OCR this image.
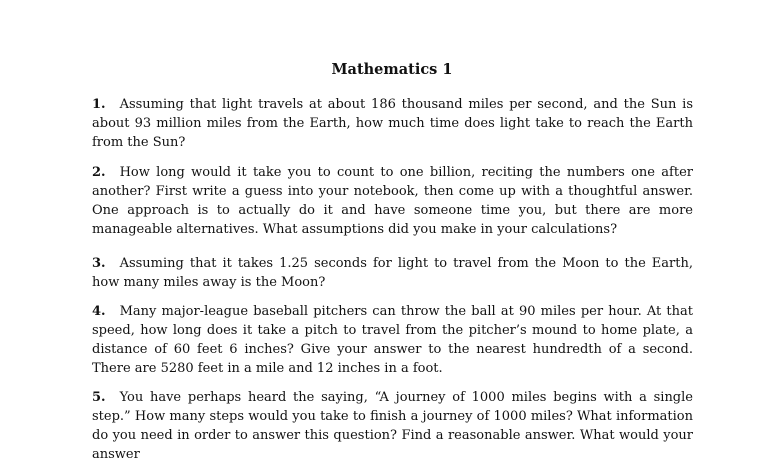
Mathematics 1
1. Assuming that light travels at about 186 thousand miles per second, and the Sun is about 93 million miles from the Earth, how much time does light take to reach the Earth from the Sun?
2. How long would it take you to count to one billion, reciting the numbers one after another? First write a guess into your notebook, then come up with a thoughtful answer. One approach is to actually do it and have someone time you, but there are more manageable alternatives. What assumptions did you make in your calculations?
3. Assuming that it takes 1.25 seconds for light to travel from the Moon to the Earth, how many miles away is the Moon?
4. Many major-league baseball pitchers can throw the ball at 90 miles per hour. At that speed, how long does it take a pitch to travel from the pitcher’s mound to home plate, a distance of 60 feet 6 inches? Give your answer to the nearest hundredth of a second. There are 5280 feet in a mile and 12 inches in a foot.
5. You have perhaps heard the saying, “A journey of 1000 miles begins with a single step.” How many steps would you take to finish a journey of 1000 miles? What information do you need in order to answer this question? Find a reasonable answer. What would your answer
